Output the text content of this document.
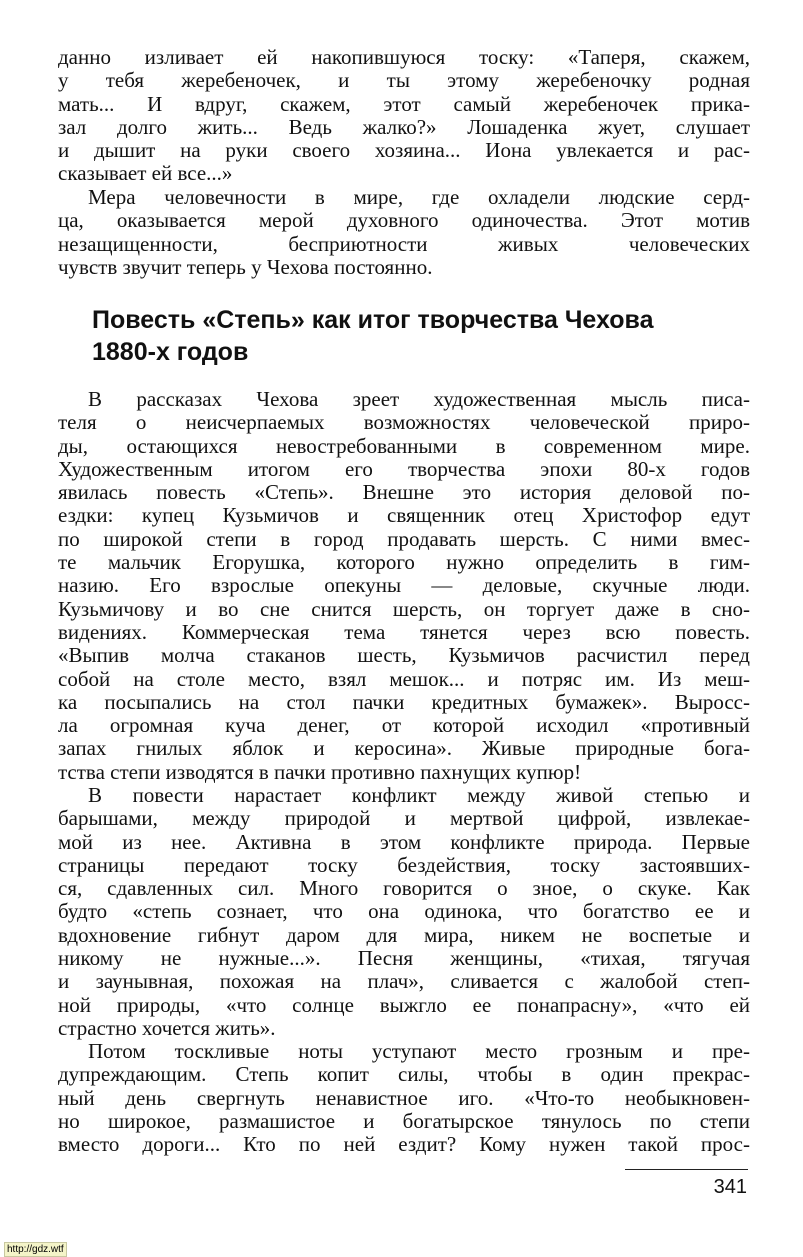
данно изливает ей накопившуюся тоску: «Таперя, скажем,
у тебя жеребеночек, и ты этому жеребеночку родная
мать... И вдруг, скажем, этот самый жеребеночек прика-
зал долго жить... Ведь жалко?» Лошаденка жует, слушает
и дышит на руки своего хозяина... Иона увлекается и рас-
сказывает ей все...»
Мера человечности в мире, где охладели людские серд-
ца, оказывается мерой духовного одиночества. Этот мотив
незащищенности, бесприютности живых человеческих
чувств звучит теперь у Чехова постоянно.
Повесть «Степь» как итог творчества Чехова
1880-х годов
В рассказах Чехова зреет художественная мысль писа-
теля о неисчерпаемых возможностях человеческой приро-
ды, остающихся невостребованными в современном мире.
Художественным итогом его творчества эпохи 80-х годов
явилась повесть «Степь». Внешне это история деловой по-
ездки: купец Кузьмичов и священник отец Христофор едут
по широкой степи в город продавать шерсть. С ними вмес-
те мальчик Егорушка, которого нужно определить в гим-
назию. Его взрослые опекуны — деловые, скучные люди.
Кузьмичову и во сне снится шерсть, он торгует даже в сно-
видениях. Коммерческая тема тянется через всю повесть.
«Выпив молча стаканов шесть, Кузьмичов расчистил перед
собой на столе место, взял мешок... и потряс им. Из меш-
ка посыпались на стол пачки кредитных бумажек». Выросс-
ла огромная куча денег, от которой исходил «противный
запах гнилых яблок и керосина». Живые природные бога-
тства степи изводятся в пачки противно пахнущих купюр!
В повести нарастает конфликт между живой степью и
барышами, между природой и мертвой цифрой, извлекае-
мой из нее. Активна в этом конфликте природа. Первые
страницы передают тоску бездействия, тоску застоявших-
ся, сдавленных сил. Много говорится о зное, о скуке. Как
будто «степь сознает, что она одинока, что богатство ее и
вдохновение гибнут даром для мира, никем не воспетые и
никому не нужные...». Песня женщины, «тихая, тягучая
и заунывная, похожая на плач», сливается с жалобой степ-
ной природы, «что солнце выжгло ее понапрасну», «что ей
страстно хочется жить».
Потом тоскливые ноты уступают место грозным и пре-
дупреждающим. Степь копит силы, чтобы в один прекрас-
ный день свергнуть ненавистное иго. «Что-то необыкновен-
но широкое, размашистое и богатырское тянулось по степи
вместо дороги... Кто по ней ездит? Кому нужен такой прос-
341
http://gdz.wtf
